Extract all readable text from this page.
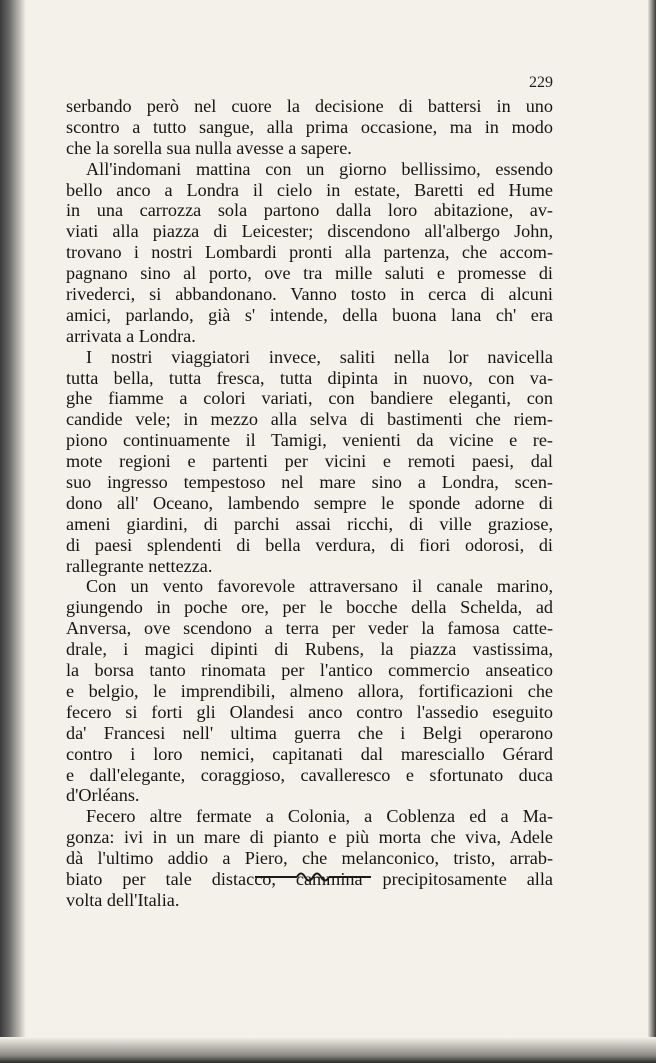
229
serbando però nel cuore la decisione di battersi in uno
scontro a tutto sangue, alla prima occasione, ma in modo
che la sorella sua nulla avesse a sapere.
All'indomani mattina con un giorno bellissimo, essendo
bello anco a Londra il cielo in estate, Baretti ed Hume
in una carrozza sola partono dalla loro abitazione, av-
viati alla piazza di Leicester; discendono all'albergo John,
trovano i nostri Lombardi pronti alla partenza, che accom-
pagnano sino al porto, ove tra mille saluti e promesse di
rivederci, si abbandonano. Vanno tosto in cerca di alcuni
amici, parlando, già s' intende, della buona lana ch' era
arrivata a Londra.
I nostri viaggiatori invece, saliti nella lor navicella
tutta bella, tutta fresca, tutta dipinta in nuovo, con va-
ghe fiamme a colori variati, con bandiere eleganti, con
candide vele; in mezzo alla selva di bastimenti che riem-
piono continuamente il Tamigi, venienti da vicine e re-
mote regioni e partenti per vicini e remoti paesi, dal
suo ingresso tempestoso nel mare sino a Londra, scen-
dono all' Oceano, lambendo sempre le sponde adorne di
ameni giardini, di parchi assai ricchi, di ville graziose,
di paesi splendenti di bella verdura, di fiori odorosi, di
rallegrante nettezza.
Con un vento favorevole attraversano il canale marino,
giungendo in poche ore, per le bocche della Schelda, ad
Anversa, ove scendono a terra per veder la famosa catte-
drale, i magici dipinti di Rubens, la piazza vastissima,
la borsa tanto rinomata per l'antico commercio anseatico
e belgio, le imprendibili, almeno allora, fortificazioni che
fecero si forti gli Olandesi anco contro l'assedio eseguito
da' Francesi nell' ultima guerra che i Belgi operarono
contro i loro nemici, capitanati dal maresciallo Gérard
e dall'elegante, coraggioso, cavalleresco e sfortunato duca
d'Orléans.
Fecero altre fermate a Colonia, a Coblenza ed a Ma-
gonza: ivi in un mare di pianto e più morta che viva, Adele
dà l'ultimo addio a Piero, che melanconico, tristo, arrab-
biato per tale distacco, cammina precipitosamente alla
volta dell'Italia.
